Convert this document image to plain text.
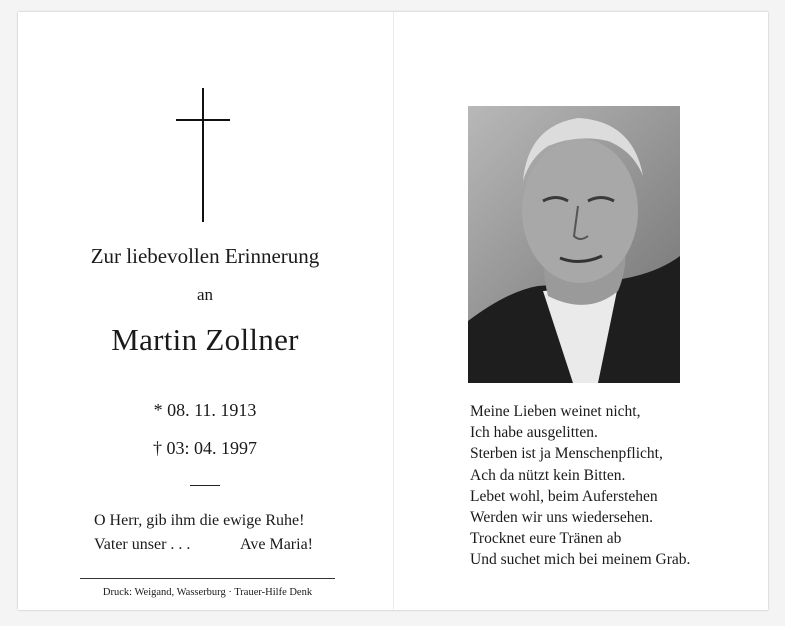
Zur liebevollen Erinnerung
an
Martin Zollner
* 08. 11. 1913
† 03: 04. 1997
O Herr, gib ihm die ewige Ruhe!
Vater unser . . .	Ave Maria!
Druck: Weigand, Wasserburg · Trauer-Hilfe Denk
Meine Lieben weinet nicht,
Ich habe ausgelitten.
Sterben ist ja Menschenpflicht,
Ach da nützt kein Bitten.
Lebet wohl, beim Auferstehen
Werden wir uns wiedersehen.
Trocknet eure Tränen ab
Und suchet mich bei meinem Grab.
